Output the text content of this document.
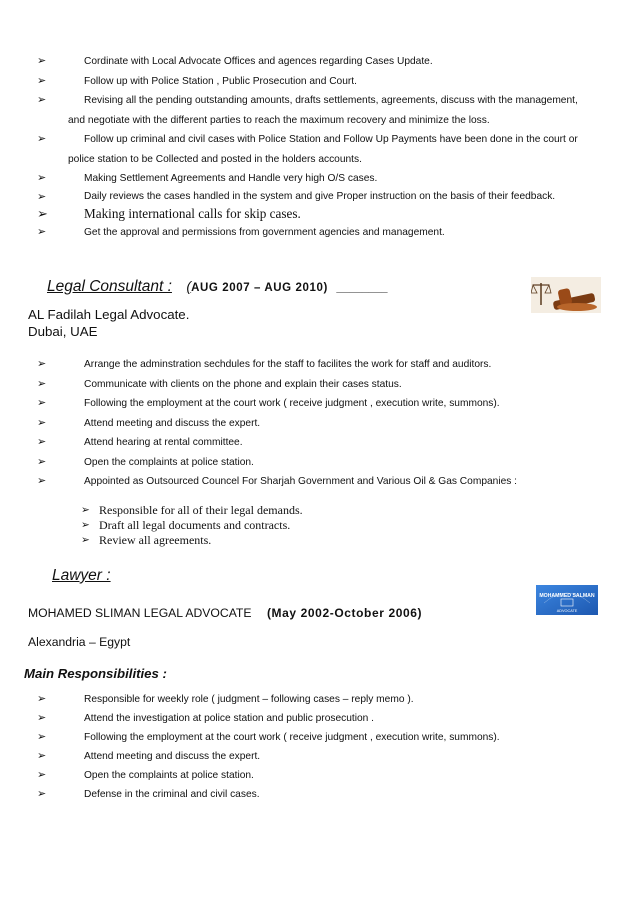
➢	Cordinate with Local Advocate Offices and agences regarding Cases Update.
➢	Follow up with Police Station , Public Prosecution and Court.
➢	Revising all the pending outstanding amounts, drafts settlements, agreements, discuss with the management,
and negotiate with the different parties to reach the maximum recovery and minimize the loss.
➢	Follow up criminal and civil cases with Police Station and Follow Up Payments have been done in the court or
police station to be Collected and posted in the holders accounts.
➢	Making Settlement Agreements and Handle very high O/S cases.
➢	Daily reviews the cases handled in the system and give Proper instruction on the basis of their feedback.
➢	Making international calls for skip cases.
➢	Get the approval and permissions from government agencies and management.
Legal Consultant : (AUG 2007 – AUG 2010) ________
AL Fadilah Legal Advocate.
Dubai, UAE
➢	Arrange the adminstration sechdules for the staff to facilites the work for staff and auditors.
➢	Communicate with clients on the phone and explain their cases status.
➢	Following the employment at the court work ( receive judgment , execution write, summons).
➢	Attend meeting and discuss the expert.
➢	Attend hearing at rental committee.
➢	Open the complaints at police station.
➢	Appointed as Outsourced Councel For Sharjah Government and Various Oil & Gas Companies :
➢ Responsible for all of their legal demands.
➢ Draft all legal documents and contracts.
➢ Review all agreements.
Lawyer :
MOHAMMED SALMAN
ADVOCATE
MOHAMED SLIMAN LEGAL ADVOCATE (May 2002-October 2006)
Alexandria – Egypt
Main Responsibilities :
➢	Responsible for weekly role ( judgment – following cases – reply memo ).
➢	Attend the investigation at police station and public prosecution .
➢	Following the employment at the court work ( receive judgment , execution write, summons).
➢	Attend meeting and discuss the expert.
➢	Open the complaints at police station.
➢	Defense in the criminal and civil cases.
